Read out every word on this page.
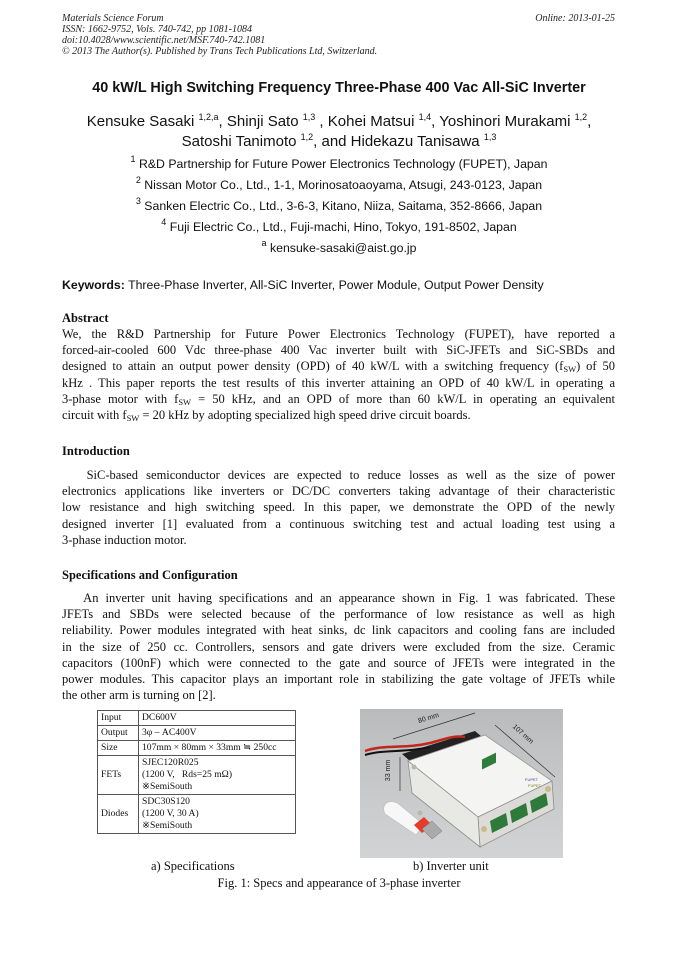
Materials Science Forum
ISSN: 1662-9752, Vols. 740-742, pp 1081-1084
doi:10.4028/www.scientific.net/MSF.740-742.1081
© 2013 The Author(s). Published by Trans Tech Publications Ltd, Switzerland.
Online: 2013-01-25
40 kW/L High Switching Frequency Three-Phase 400 Vac All-SiC Inverter
Kensuke Sasaki $^{1,2,a}$, Shinji Sato $^{1,3}$ , Kohei Matsui $^{1,4}$, Yoshinori Murakami $^{1,2}$,
Satoshi Tanimoto $^{1,2}$, and Hidekazu Tanisawa $^{1,3}$
$^1$ R&D Partnership for Future Power Electronics Technology (FUPET), Japan
$^2$ Nissan Motor Co., Ltd., 1-1, Morinosatoaoyama, Atsugi, 243-0123, Japan
$^3$ Sanken Electric Co., Ltd., 3-6-3, Kitano, Niiza, Saitama, 352-8666, Japan
$^4$ Fuji Electric Co., Ltd., Fuji-machi, Hino, Tokyo, 191-8502, Japan
$^a$ kensuke-sasaki@aist.go.jp
Keywords: Three-Phase Inverter, All-SiC Inverter, Power Module, Output Power Density
Abstract
We, the R&D Partnership for Future Power Electronics Technology (FUPET), have reported a
forced-air-cooled 600 Vdc three-phase 400 Vac inverter built with SiC-JFETs and SiC-SBDs and
designed to attain an output power density (OPD) of 40 kW/L with a switching frequency $(f_{SW})$ of 50
kHz . This paper reports the test results of this inverter attaining an OPD of 40 kW/L in operating a
3-phase motor with $f_{SW} = 50$ kHz, and an OPD of more than 60 kW/L in operating an equivalent
circuit with $f_{SW} = 20$ kHz by adopting specialized high speed drive circuit boards.
Introduction
SiC-based semiconductor devices are expected to reduce losses as well as the size of power
electronics applications like inverters or DC/DC converters taking advantage of their characteristic
low resistance and high switching speed. In this paper, we demonstrate the OPD of the newly
designed inverter [1] evaluated from a continuous switching test and actual loading test using a
3-phase induction motor.
Specifications and Configuration
An inverter unit having specifications and an appearance shown in Fig. 1 was fabricated. These
JFETs and SBDs were selected because of the performance of low resistance as well as high
reliability. Power modules integrated with heat sinks, dc link capacitors and cooling fans are included
in the size of 250 cc. Controllers, sensors and gate drivers were excluded from the size. Ceramic
capacitors (100nF) which were connected to the gate and source of JFETs were integrated in the
power modules. This capacitor plays an important role in stabilizing the gate voltage of JFETs while
the other arm is turning on [2].
Input	DC600V
Output	3φ – AC400V
Size	107mm × 80mm × 33mm ≒ 250cc
FETs	SJEC120R025
(1200 V,   Rds=25 mΩ)
※SemiSouth

Diodes	SDC30S120
(1200 V, 30 A)
※SemiSouth
FUPET
FUPET
80 mm
107 mm
33 mm
a) Specifications	b) Inverter unit
Fig. 1: Specs and appearance of 3-phase inverter
